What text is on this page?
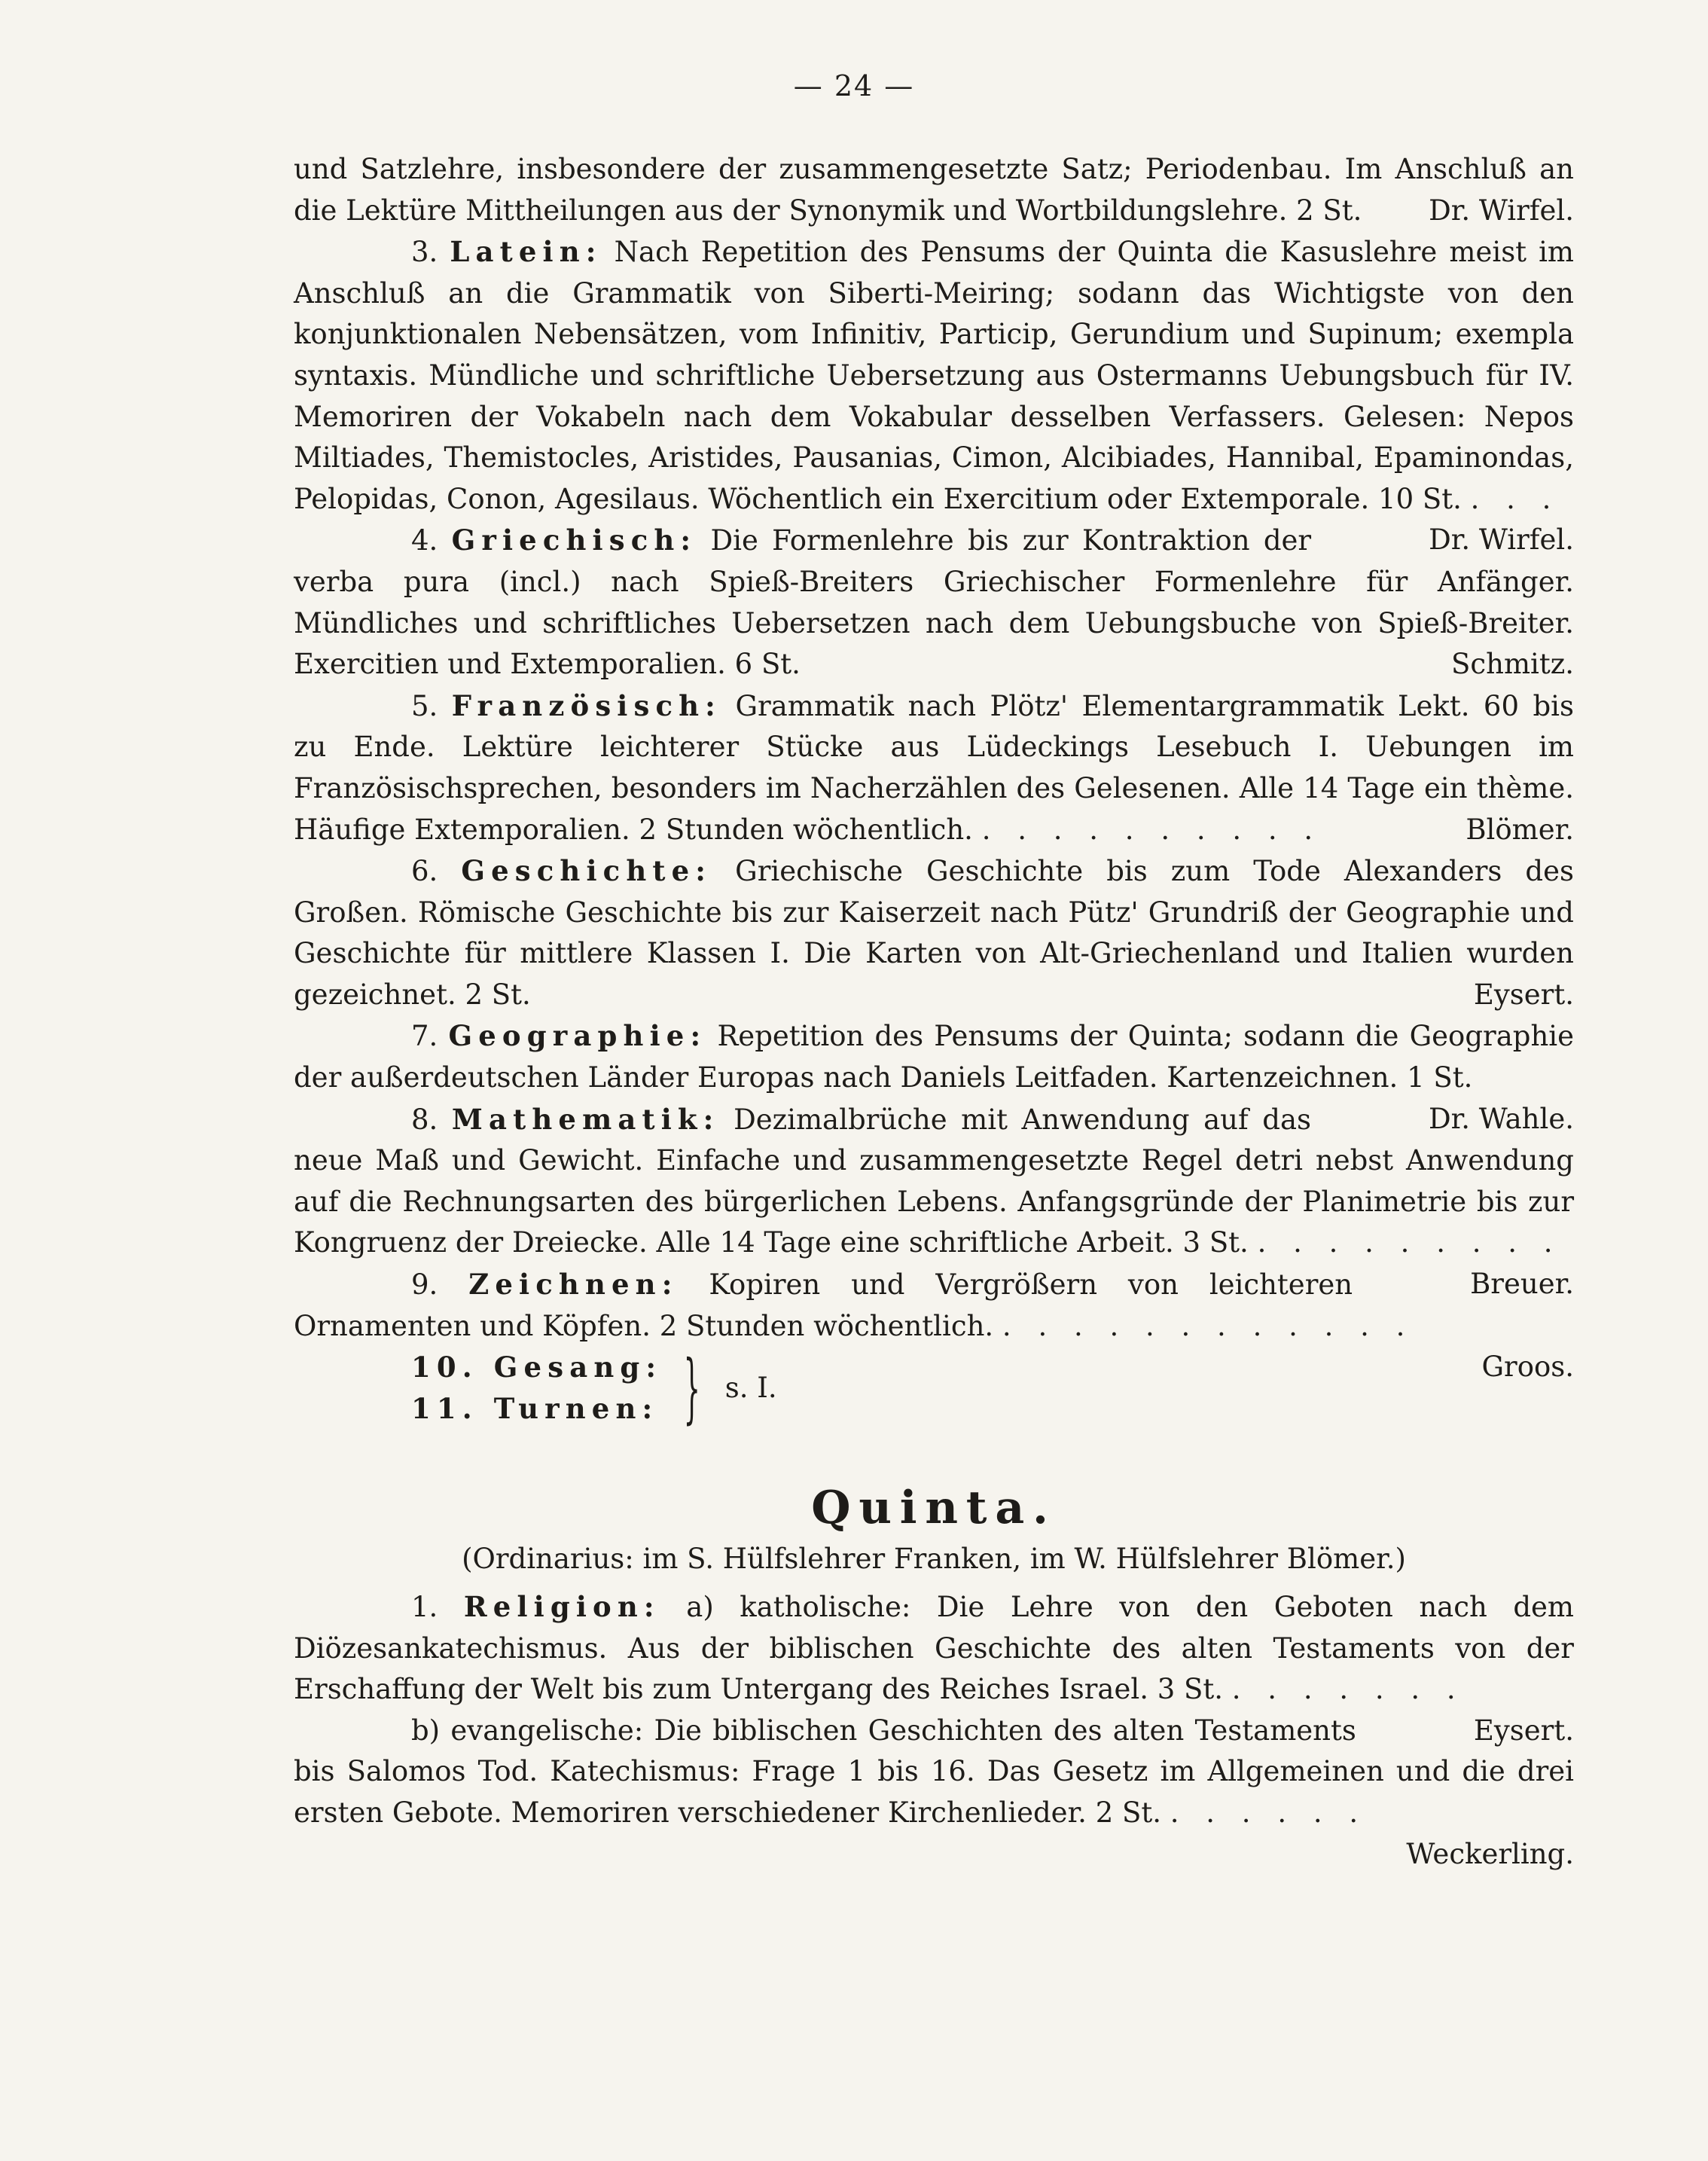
— 24 —

und Satzlehre, insbesondere der zusammengesetzte Satz; Periodenbau. Im Anschluß an die Lektüre Mittheilungen aus der Synonymik und Wortbildungslehre. 2 St. Dr. Wirfel.

3. Latein: Nach Repetition des Pensums der Quinta die Kasuslehre meist im Anschluß an die Grammatik von Siberti-Meiring; sodann das Wichtigste von den konjunktionalen Nebensätzen, vom Infinitiv, Particip, Gerundium und Supinum; exempla syntaxis. Mündliche und schriftliche Uebersetzung aus Ostermanns Uebungsbuch für IV. Memoriren der Vokabeln nach dem Vokabular desselben Verfassers. Gelesen: Nepos Miltiades, Themistocles, Aristides, Pausanias, Cimon, Alcibiades, Hannibal, Epaminondas, Pelopidas, Conon, Agesilaus. Wöchentlich ein Exercitium oder Extemporale. 10 St. . . .
Dr. Wirfel.

4. Griechisch: Die Formenlehre bis zur Kontraktion der verba pura (incl.) nach Spieß-Breiters Griechischer Formenlehre für Anfänger. Mündliches und schriftliches Uebersetzen nach dem Uebungsbuche von Spieß-Breiter. Exercitien und Extemporalien. 6 St.	Schmitz.

5. Französisch: Grammatik nach Plötz' Elementargrammatik Lekt. 60 bis zu Ende. Lektüre leichterer Stücke aus Lüdeckings Lesebuch I. Uebungen im Französischsprechen, besonders im Nacherzählen des Gelesenen. Alle 14 Tage ein thème. Häufige Extemporalien. 2 Stunden wöchentlich. . . . . . . . . . .	Blömer.

6. Geschichte: Griechische Geschichte bis zum Tode Alexanders des Großen. Römische Geschichte bis zur Kaiserzeit nach Pütz' Grundriß der Geographie und Geschichte für mittlere Klassen I. Die Karten von Alt-Griechenland und Italien wurden gezeichnet. 2 St.	Eysert.

7. Geographie: Repetition des Pensums der Quinta; sodann die Geographie der außerdeutschen Länder Europas nach Daniels Leitfaden. Kartenzeichnen. 1 St.
Dr. Wahle.

8. Mathematik: Dezimalbrüche mit Anwendung auf das neue Maß und Gewicht. Einfache und zusammengesetzte Regel detri nebst Anwendung auf die Rechnungsarten des bürgerlichen Lebens. Anfangsgründe der Planimetrie bis zur Kongruenz der Dreiecke. Alle 14 Tage eine schriftliche Arbeit. 3 St. . . . . . . . . .
Breuer.

9. Zeichnen: Kopiren und Vergrößern von leichteren Ornamenten und Köpfen. 2 Stunden wöchentlich. . . . . . . . . . . . .
Groos.

10. Gesang:
11. Turnen: } s. I.
Quinta.
(Ordinarius: im S. Hülfslehrer Franken, im W. Hülfslehrer Blömer.)

1. Religion: a) katholische: Die Lehre von den Geboten nach dem Diözesankatechismus. Aus der biblischen Geschichte des alten Testaments von der Erschaffung der Welt bis zum Untergang des Reiches Israel. 3 St. . . . . . . .
Eysert.

b) evangelische: Die biblischen Geschichten des alten Testaments bis Salomos Tod. Katechismus: Frage 1 bis 16. Das Gesetz im Allgemeinen und die drei ersten Gebote. Memoriren verschiedener Kirchenlieder. 2 St. . . . . . .
Weckerling.
